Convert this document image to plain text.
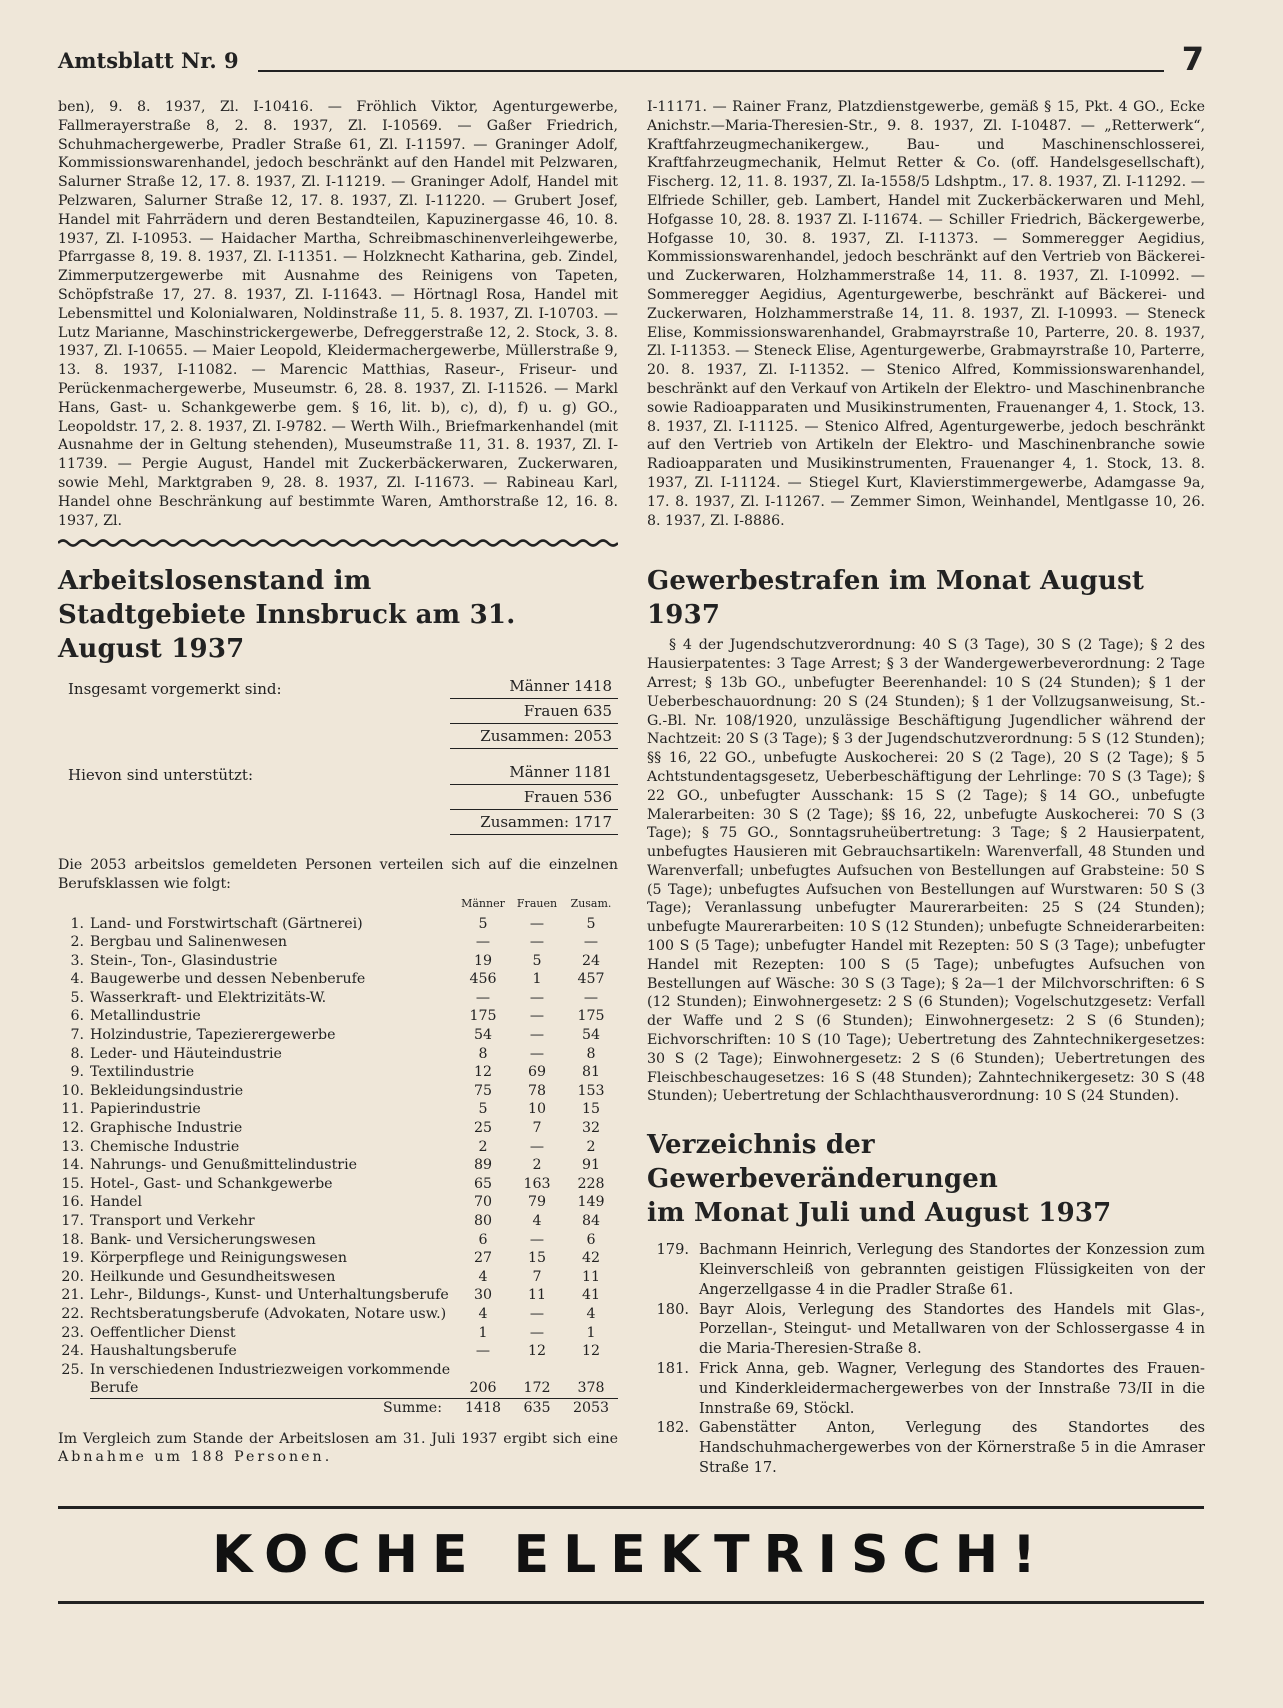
Amtsblatt Nr. 9	7

ben), 9. 8. 1937, Zl. I-10416. — Fröhlich Viktor, Agenturgewerbe, Fallmerayerstraße 8, 2. 8. 1937, Zl. I-10569. — Gaßer Friedrich, Schuhmachergewerbe, Pradler Straße 61, Zl. I-11597. — Graninger Adolf, Kommissionswarenhandel, jedoch beschränkt auf den Handel mit Pelzwaren, Salurner Straße 12, 17. 8. 1937, Zl. I-11219. — Graninger Adolf, Handel mit Pelzwaren, Salurner Straße 12, 17. 8. 1937, Zl. I-11220. — Grubert Josef, Handel mit Fahrrädern und deren Bestandteilen, Kapuzinergasse 46, 10. 8. 1937, Zl. I-10953. — Haidacher Martha, Schreibmaschinenverleihgewerbe, Pfarrgasse 8, 19. 8. 1937, Zl. I-11351. — Holzknecht Katharina, geb. Zindel, Zimmerputzergewerbe mit Ausnahme des Reinigens von Tapeten, Schöpfstraße 17, 27. 8. 1937, Zl. I-11643. — Hörtnagl Rosa, Handel mit Lebensmittel und Kolonialwaren, Noldinstraße 11, 5. 8. 1937, Zl. I-10703. — Lutz Marianne, Maschinstrickergewerbe, Defreggerstraße 12, 2. Stock, 3. 8. 1937, Zl. I-10655. — Maier Leopold, Kleidermachergewerbe, Müllerstraße 9, 13. 8. 1937, I-11082. — Marencic Matthias, Raseur-, Friseur- und Perückenmachergewerbe, Museumstr. 6, 28. 8. 1937, Zl. I-11526. — Markl Hans, Gast- u. Schankgewerbe gem. § 16, lit. b), c), d), f) u. g) GO., Leopoldstr. 17, 2. 8. 1937, Zl. I-9782. — Werth Wilh., Briefmarkenhandel (mit Ausnahme der in Geltung stehenden), Museumstraße 11, 31. 8. 1937, Zl. I-11739. — Pergie August, Handel mit Zuckerbäckerwaren, Zuckerwaren, sowie Mehl, Marktgraben 9, 28. 8. 1937, Zl. I-11673. — Rabineau Karl, Handel ohne Beschränkung auf bestimmte Waren, Amthorstraße 12, 16. 8. 1937, Zl.

Arbeitslosenstand im
Stadtgebiete Innsbruck am 31. August 1937
Insgesamt vorgemerkt sind:	Männer 1418
Frauen 635
Zusammen: 2053
Hievon sind unterstützt:	Männer 1181
Frauen 536
Zusammen: 1717

Die 2053 arbeitslos gemeldeten Personen verteilen sich auf die einzelnen Berufsklassen wie folgt:

		Männer	Frauen	Zusam.
1.	Land- und Forstwirtschaft (Gärtnerei)	5	—	5
2.	Bergbau und Salinenwesen	—	—	—
3.	Stein-, Ton-, Glasindustrie	19	5	24
4.	Baugewerbe und dessen Nebenberufe	456	1	457
5.	Wasserkraft- und Elektrizitäts-W.	—	—	—
6.	Metallindustrie	175	—	175
7.	Holzindustrie, Tapezierergewerbe	54	—	54
8.	Leder- und Häuteindustrie	8	—	8
9.	Textilindustrie	12	69	81
10.	Bekleidungsindustrie	75	78	153
11.	Papierindustrie	5	10	15
12.	Graphische Industrie	25	7	32
13.	Chemische Industrie	2	—	2
14.	Nahrungs- und Genußmittelindustrie	89	2	91
15.	Hotel-, Gast- und Schankgewerbe	65	163	228
16.	Handel	70	79	149
17.	Transport und Verkehr	80	4	84
18.	Bank- und Versicherungswesen	6	—	6
19.	Körperpflege und Reinigungswesen	27	15	42
20.	Heilkunde und Gesundheitswesen	4	7	11
21.	Lehr-, Bildungs-, Kunst- und Unterhaltungsberufe	30	11	41
22.	Rechtsberatungsberufe (Advokaten, Notare usw.)	4	—	4
23.	Oeffentlicher Dienst	1	—	1
24.	Haushaltungsberufe	—	12	12
25.	In verschiedenen Industriezweigen vorkommende Berufe	206	172	378
	Summe:	1418	635	2053

Im Vergleich zum Stande der Arbeitslosen am 31. Juli 1937 ergibt sich eine Abnahme um 188 Personen.

I-11171. — Rainer Franz, Platzdienstgewerbe, gemäß § 15, Pkt. 4 GO., Ecke Anichstr.—Maria-Theresien-Str., 9. 8. 1937, Zl. I-10487. — „Retterwerk“, Kraftfahrzeugmechanikergew., Bau- und Maschinenschlosserei, Kraftfahrzeugmechanik, Helmut Retter & Co. (off. Handelsgesellschaft), Fischerg. 12, 11. 8. 1937, Zl. Ia-1558/5 Ldshptm., 17. 8. 1937, Zl. I-11292. — Elfriede Schiller, geb. Lambert, Handel mit Zuckerbäckerwaren und Mehl, Hofgasse 10, 28. 8. 1937 Zl. I-11674. — Schiller Friedrich, Bäckergewerbe, Hofgasse 10, 30. 8. 1937, Zl. I-11373. — Sommeregger Aegidius, Kommissionswarenhandel, jedoch beschränkt auf den Vertrieb von Bäckerei- und Zuckerwaren, Holzhammerstraße 14, 11. 8. 1937, Zl. I-10992. — Sommeregger Aegidius, Agenturgewerbe, beschränkt auf Bäckerei- und Zuckerwaren, Holzhammerstraße 14, 11. 8. 1937, Zl. I-10993. — Steneck Elise, Kommissionswarenhandel, Grabmayrstraße 10, Parterre, 20. 8. 1937, Zl. I-11353. — Steneck Elise, Agenturgewerbe, Grabmayrstraße 10, Parterre, 20. 8. 1937, Zl. I-11352. — Stenico Alfred, Kommissionswarenhandel, beschränkt auf den Verkauf von Artikeln der Elektro- und Maschinenbranche sowie Radioapparaten und Musikinstrumenten, Frauenanger 4, 1. Stock, 13. 8. 1937, Zl. I-11125. — Stenico Alfred, Agenturgewerbe, jedoch beschränkt auf den Vertrieb von Artikeln der Elektro- und Maschinenbranche sowie Radioapparaten und Musikinstrumenten, Frauenanger 4, 1. Stock, 13. 8. 1937, Zl. I-11124. — Stiegel Kurt, Klavierstimmergewerbe, Adamgasse 9a, 17. 8. 1937, Zl. I-11267. — Zemmer Simon, Weinhandel, Mentlgasse 10, 26. 8. 1937, Zl. I-8886.

Gewerbestrafen im Monat August 1937

§ 4 der Jugendschutzverordnung: 40 S (3 Tage), 30 S (2 Tage); § 2 des Hausierpatentes: 3 Tage Arrest; § 3 der Wandergewerbeverordnung: 2 Tage Arrest; § 13b GO., unbefugter Beerenhandel: 10 S (24 Stunden); § 1 der Ueberbeschauordnung: 20 S (24 Stunden); § 1 der Vollzugsanweisung, St.-G.-Bl. Nr. 108/1920, unzulässige Beschäftigung Jugendlicher während der Nachtzeit: 20 S (3 Tage); § 3 der Jugendschutzverordnung: 5 S (12 Stunden); §§ 16, 22 GO., unbefugte Auskocherei: 20 S (2 Tage), 20 S (2 Tage); § 5 Achtstundentagsgesetz, Ueberbeschäftigung der Lehrlinge: 70 S (3 Tage); § 22 GO., unbefugter Ausschank: 15 S (2 Tage); § 14 GO., unbefugte Malerarbeiten: 30 S (2 Tage); §§ 16, 22, unbefugte Auskocherei: 70 S (3 Tage); § 75 GO., Sonntagsruheübertretung: 3 Tage; § 2 Hausierpatent, unbefugtes Hausieren mit Gebrauchsartikeln: Warenverfall, 48 Stunden und Warenverfall; unbefugtes Aufsuchen von Bestellungen auf Grabsteine: 50 S (5 Tage); unbefugtes Aufsuchen von Bestellungen auf Wurstwaren: 50 S (3 Tage); Veranlassung unbefugter Maurerarbeiten: 25 S (24 Stunden); unbefugte Maurerarbeiten: 10 S (12 Stunden); unbefugte Schneiderarbeiten: 100 S (5 Tage); unbefugter Handel mit Rezepten: 50 S (3 Tage); unbefugter Handel mit Rezepten: 100 S (5 Tage); unbefugtes Aufsuchen von Bestellungen auf Wäsche: 30 S (3 Tage); § 2a—1 der Milchvorschriften: 6 S (12 Stunden); Einwohnergesetz: 2 S (6 Stunden); Vogelschutzgesetz: Verfall der Waffe und 2 S (6 Stunden); Einwohnergesetz: 2 S (6 Stunden); Eichvorschriften: 10 S (10 Tage); Uebertretung des Zahntechnikergesetzes: 30 S (2 Tage); Einwohnergesetz: 2 S (6 Stunden); Uebertretungen des Fleischbeschaugesetzes: 16 S (48 Stunden); Zahntechnikergesetz: 30 S (48 Stunden); Uebertretung der Schlachthausverordnung: 10 S (24 Stunden).

Verzeichnis der Gewerbeveränderungen
im Monat Juli und August 1937
179. Bachmann Heinrich, Verlegung des Standortes der Konzession zum Kleinverschleiß von gebrannten geistigen Flüssigkeiten von der Angerzellgasse 4 in die Pradler Straße 61.
180. Bayr Alois, Verlegung des Standortes des Handels mit Glas-, Porzellan-, Steingut- und Metallwaren von der Schlossergasse 4 in die Maria-Theresien-Straße 8.
181. Frick Anna, geb. Wagner, Verlegung des Standortes des Frauen- und Kinderkleidermachergewerbes von der Innstraße 73/II in die Innstraße 69, Stöckl.
182. Gabenstätter Anton, Verlegung des Standortes des Handschuhmachergewerbes von der Körnerstraße 5 in die Amraser Straße 17.
KOCHE ELEKTRISCH!
